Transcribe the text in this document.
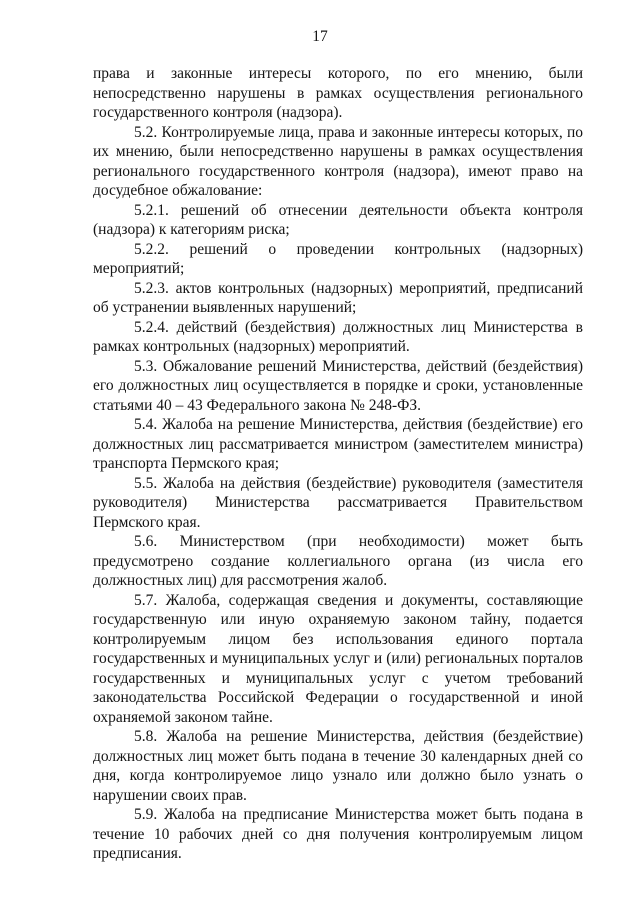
17

права и законные интересы которого, по его мнению, были непосредственно нарушены в рамках осуществления регионального государственного контроля (надзора).

5.2. Контролируемые лица, права и законные интересы которых, по их мнению, были непосредственно нарушены в рамках осуществления регионального государственного контроля (надзора), имеют право на досудебное обжалование:

5.2.1. решений об отнесении деятельности объекта контроля (надзора) к категориям риска;

5.2.2. решений о проведении контрольных (надзорных) мероприятий;

5.2.3. актов контрольных (надзорных) мероприятий, предписаний об устранении выявленных нарушений;

5.2.4. действий (бездействия) должностных лиц Министерства в рамках контрольных (надзорных) мероприятий.

5.3. Обжалование решений Министерства, действий (бездействия) его должностных лиц осуществляется в порядке и сроки, установленные статьями 40 – 43 Федерального закона № 248-ФЗ.

5.4. Жалоба на решение Министерства, действия (бездействие) его должностных лиц рассматривается министром (заместителем министра) транспорта Пермского края;

5.5. Жалоба на действия (бездействие) руководителя (заместителя руководителя) Министерства рассматривается Правительством Пермского края.

5.6. Министерством (при необходимости) может быть предусмотрено создание коллегиального органа (из числа его должностных лиц) для рассмотрения жалоб.

5.7. Жалоба, содержащая сведения и документы, составляющие государственную или иную охраняемую законом тайну, подается контролируемым лицом без использования единого портала государственных и муниципальных услуг и (или) региональных порталов государственных и муниципальных услуг с учетом требований законодательства Российской Федерации о государственной и иной охраняемой законом тайне.

5.8. Жалоба на решение Министерства, действия (бездействие) должностных лиц может быть подана в течение 30 календарных дней со дня, когда контролируемое лицо узнало или должно было узнать о нарушении своих прав.

5.9. Жалоба на предписание Министерства может быть подана в течение 10 рабочих дней со дня получения контролируемым лицом предписания.
